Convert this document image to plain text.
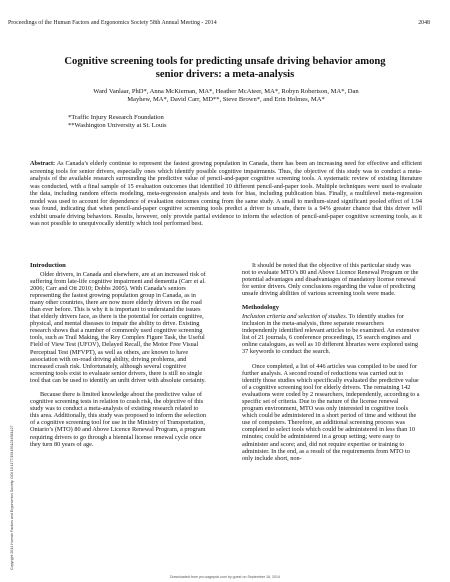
Proceedings of the Human Factors and Ergonomics Society 58th Annual Meeting - 2014	2048
Cognitive screening tools for predicting unsafe driving behavior among
senior drivers: a meta-analysis
Ward Vanlaar, PhD*, Anna McKiernan, MA*, Heather McAteer, MA*, Robyn Robertson, MA*, Dan
Mayhew, MA*, David Carr, MD**, Steve Brown*, and Erin Holmes, MA*
*Traffic Injury Research Foundation
**Washington University at St. Louis
Abstract: As Canada’s elderly continue to represent the fastest growing population in Canada, there has been an increasing need for effective and efficient screening tools for senior drivers, especially ones which identify possible cognitive impairments. Thus, the objective of this study was to conduct a meta-analysis of the available research surrounding the predictive value of pencil-and-paper cognitive screening tools. A systematic review of existing literature was conducted, with a final sample of 15 evaluation outcomes that identified 10 different pencil-and-paper tools. Multiple techniques were used to evaluate the data, including random effects modeling, meta-regression analysis and tests for bias, including publication bias. Finally, a multilevel meta-regression model was used to account for dependence of evaluation outcomes coming from the same study. A small to medium-sized significant pooled effect of 1.94 was found, indicating that when pencil-and-paper cognitive screening tools predict a driver is unsafe, there is a 94% greater chance that this driver will exhibit unsafe driving behaviors. Results, however, only provide partial evidence to inform the selection of pencil-and-paper cognitive screening tools, as it was not possible to unequivocally identify which tool performed best.
Introduction

Older drivers, in Canada and elsewhere, are at an increased risk of suffering from late-life cognitive impairment and dementia (Carr et al. 2006; Carr and Ott 2010; Dobbs 2005). With Canada’s seniors representing the fastest growing population group in Canada, as in many other countries, there are now more elderly drivers on the road than ever before. This is why it is important to understand the issues that elderly drivers face, as there is the potential for certain cognitive, physical, and mental diseases to impair the ability to drive. Existing research shows that a number of commonly used cognitive screening tools, such as Trail Making, the Rey Complex Figure Task, the Useful Field of View Test (UFOV), Delayed Recall, the Motor Free Visual Perceptual Test (MFVPT), as well as others, are known to have association with on-road driving ability, driving problems, and increased crash risk. Unfortunately, although several cognitive screening tools exist to evaluate senior drivers, there is still no single tool that can be used to identify an unfit driver with absolute certainty.

Because there is limited knowledge about the predictive value of cognitive screening tests in relation to crash risk, the objective of this study was to conduct a meta-analysis of existing research related to this area. Additionally, this study was proposed to inform the selection of a cognitive screening tool for use in the Ministry of Transportation, Ontario’s (MTO) 80 and Above Licence Renewal Program, a program requiring drivers to go through a biennial license renewal cycle once they turn 80 years of age.

It should be noted that the objective of this particular study was not to evaluate MTO’s 80 and Above Licence Renewal Program or the potential advantages and disadvantages of mandatory license renewal for senior drivers. Only conclusions regarding the value of predicting unsafe driving abilities of various screening tools were made.

Methodology

Inclusion criteria and selection of studies. To identify studies for inclusion in the meta-analysis, three separate researchers independently identified relevant articles to be examined. An extensive list of 21 journals, 6 conference proceedings, 15 search engines and online catalogues, as well as 10 different libraries were explored using 37 keywords to conduct the search.

Once completed, a list of 446 articles was compiled to be used for further analysis. A second round of reductions was carried out to identify those studies which specifically evaluated the predictive value of a cognitive screening tool for elderly drivers. The remaining 142 evaluations were coded by 2 researchers, independently, according to a specific set of criteria. Due to the nature of the license renewal program environment, MTO was only interested in cognitive tools which could be administered in a short period of time and without the use of computers. Therefore, an additional screening process was completed to select tools which could be administered in less than 10 minutes; could be administered in a group setting; were easy to administer and score; and, did not require expertise or training to administer. In the end, as a result of the requirements from MTO to only include short, non-

Copyright 2014 Human Factors and Ergonomics Society. DOI 10.1177/1541931214581427
Downloaded from pro.sagepub.com by guest on September 16, 2014
